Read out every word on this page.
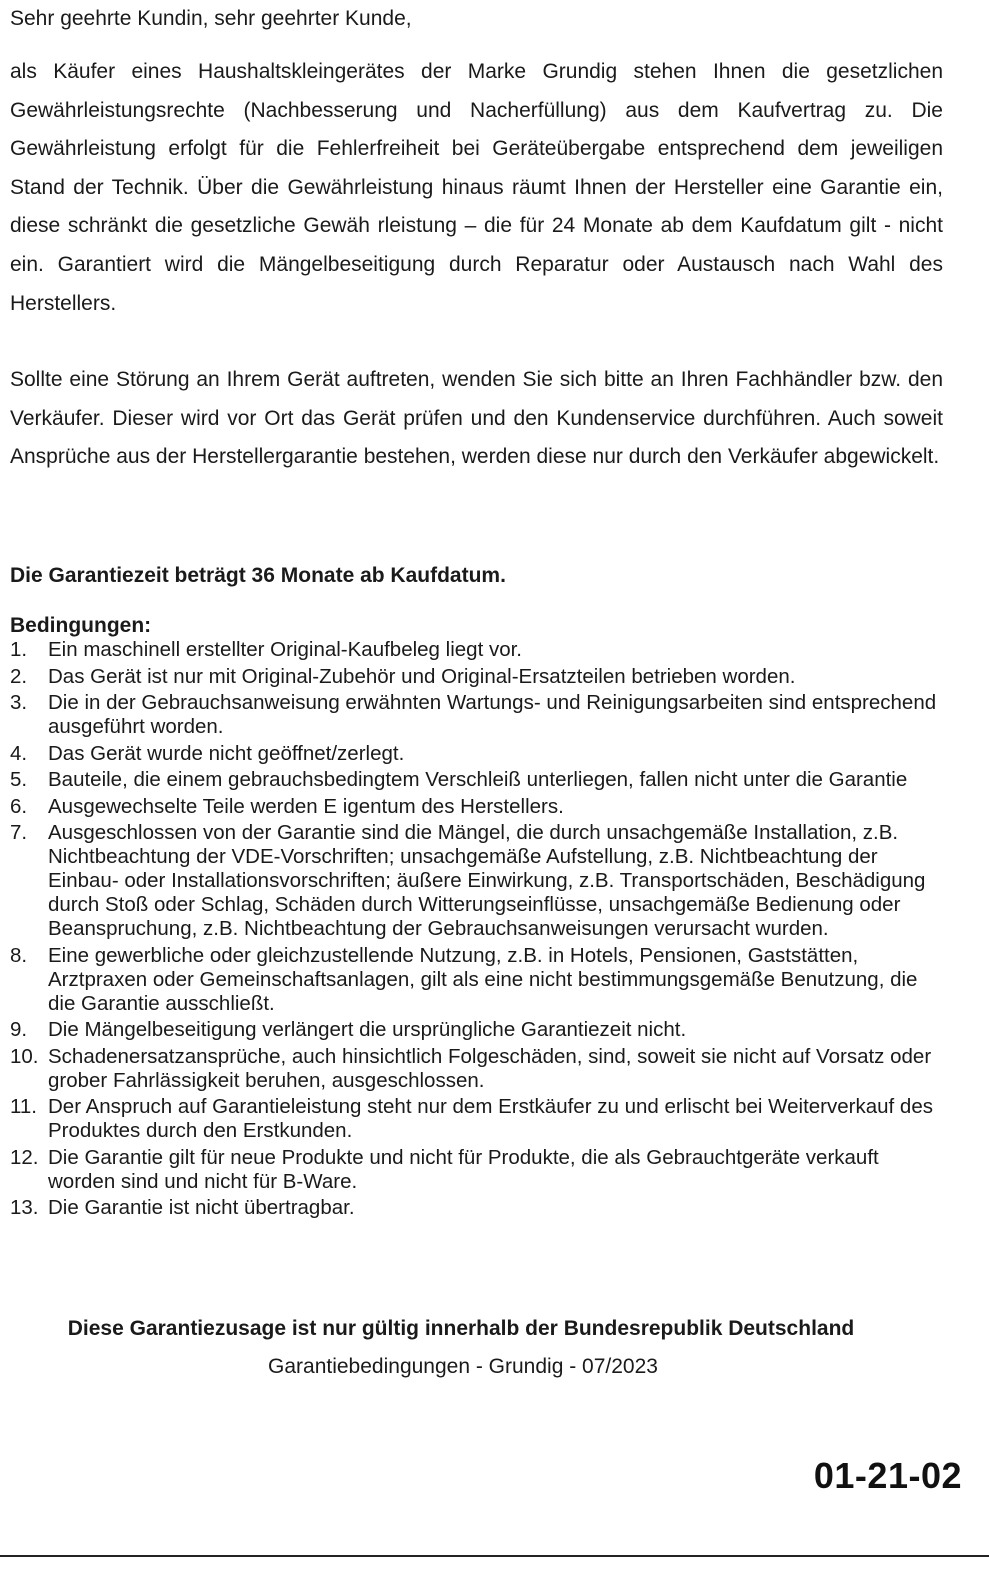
Sehr geehrte Kundin, sehr geehrter Kunde,

als Käufer eines Haushaltskleingerätes der Marke Grundig stehen Ihnen die gesetzlichen Gewährleistungsrechte (Nachbesserung und Nacherfüllung) aus dem Kaufvertrag zu. Die Gewährleistung erfolgt für die Fehlerfreiheit bei Geräteübergabe entsprechend dem jeweiligen Stand der Technik. Über die Gewährleistung hinaus räumt Ihnen der Hersteller eine Garantie ein, diese schränkt die gesetzliche Gewäh rleistung – die für 24 Monate ab dem Kaufdatum gilt - nicht ein. Garantiert wird die Mängelbeseitigung durch Reparatur oder Austausch nach Wahl des Herstellers.

Sollte eine Störung an Ihrem Gerät auftreten, wenden Sie sich bitte an Ihren Fachhändler bzw. den Verkäufer. Dieser wird vor Ort das Gerät prüfen und den Kundenservice durchführen. Auch soweit Ansprüche aus der Herstellergarantie bestehen, werden diese nur durch den Verkäufer abgewickelt.

Die Garantiezeit beträgt 36 Monate ab Kaufdatum.
Bedingungen:
1. Ein maschinell erstellter Original-Kaufbeleg liegt vor.
2. Das Gerät ist nur mit Original-Zubehör und Original-Ersatzteilen betrieben worden.
3. Die in der Gebrauchsanweisung erwähnten Wartungs- und Reinigungsarbeiten sind entsprechend ausgeführt worden.
4. Das Gerät wurde nicht geöffnet/zerlegt.
5. Bauteile, die einem gebrauchsbedingtem Verschleiß unterliegen, fallen nicht unter die Garantie
6. Ausgewechselte Teile werden E igentum des Herstellers.
7. Ausgeschlossen von der Garantie sind die Mängel, die durch unsachgemäße Installation, z.B. Nichtbeachtung der VDE-Vorschriften; unsachgemäße Aufstellung, z.B. Nichtbeachtung der Einbau- oder Installationsvorschriften; äußere Einwirkung, z.B. Transportschäden, Beschädigung durch Stoß oder Schlag, Schäden durch Witterungseinflüsse, unsachgemäße Bedienung oder Beanspruchung, z.B. Nichtbeachtung der Gebrauchsanweisungen verursacht wurden.
8. Eine gewerbliche oder gleichzustellende Nutzung, z.B. in Hotels, Pensionen, Gaststätten, Arztpraxen oder Gemeinschaftsanlagen, gilt als eine nicht bestimmungsgemäße Benutzung, die die Garantie ausschließt.
9. Die Mängelbeseitigung verlängert die ursprüngliche Garantiezeit nicht.
10. Schadenersatzansprüche, auch hinsichtlich Folgeschäden, sind, soweit sie nicht auf Vorsatz oder grober Fahrlässigkeit beruhen, ausgeschlossen.
11. Der Anspruch auf Garantieleistung steht nur dem Erstkäufer zu und erlischt bei Weiterverkauf des Produktes durch den Erstkunden.
12. Die Garantie gilt für neue Produkte und nicht für Produkte, die als Gebrauchtgeräte verkauft worden sind und nicht für B-Ware.
13. Die Garantie ist nicht übertragbar.
Diese Garantiezusage ist nur gültig innerhalb der Bundesrepublik Deutschland
Garantiebedingungen - Grundig - 07/2023
01-21-02
